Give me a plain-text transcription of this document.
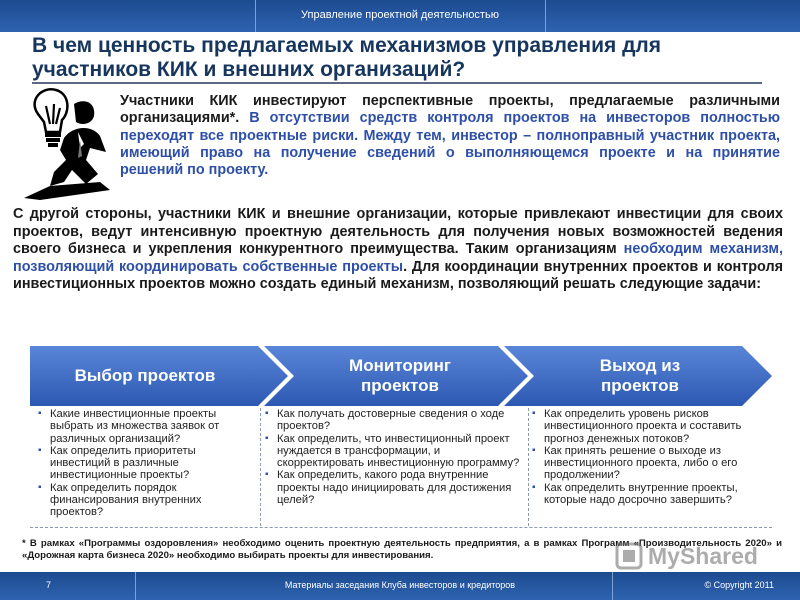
Управление проектной деятельностью
В чем ценность предлагаемых механизмов управления для участников КИК и внешних организаций?
Участники КИК инвестируют перспективные проекты, предлагаемые различными организациями*. В отсутствии средств контроля проектов на инвесторов полностью переходят все проектные риски. Между тем, инвестор – полноправный участник проекта, имеющий право на получение сведений о выполняющемся проекте и на принятие решений по проекту.
С другой стороны, участники КИК и внешние организации, которые привлекают инвестиции для своих проектов, ведут интенсивную проектную деятельность для получения новых возможностей ведения своего бизнеса и укрепления конкурентного преимущества. Таким организациям необходим механизм, позволяющий координировать собственные проекты. Для координации внутренних проектов и контроля инвестиционных проектов можно создать единый механизм, позволяющий решать следующие задачи:
Выбор проектов
Мониторинг проектов
Выход из проектов
▪ Какие инвестиционные проекты выбрать из множества заявок от различных организаций?
▪ Как определить приоритеты инвестиций в различные инвестиционные проекты?
▪ Как определить порядок финансирования внутренних проектов?
▪ Как получать достоверные сведения о ходе проектов?
▪ Как определить, что инвестиционный проект нуждается в трансформации, и скорректировать инвестиционную программу?
▪ Как определить, какого рода внутренние проекты надо инициировать для достижения целей?
▪ Как определить уровень рисков инвестиционного проекта и составить прогноз денежных потоков?
▪ Как принять решение о выходе из инвестиционного проекта, либо о его продолжении?
▪ Как определить внутренние проекты, которые надо досрочно завершить?
* В рамках «Программы оздоровления» необходимо оценить проектную деятельность предприятия, а в рамках Программ «Производительность 2020» и «Дорожная карта бизнеса 2020» необходимо выбирать проекты для инвестирования.	MyShared
7	Материалы заседания Клуба инвесторов и кредиторов	© Copyright 2011
